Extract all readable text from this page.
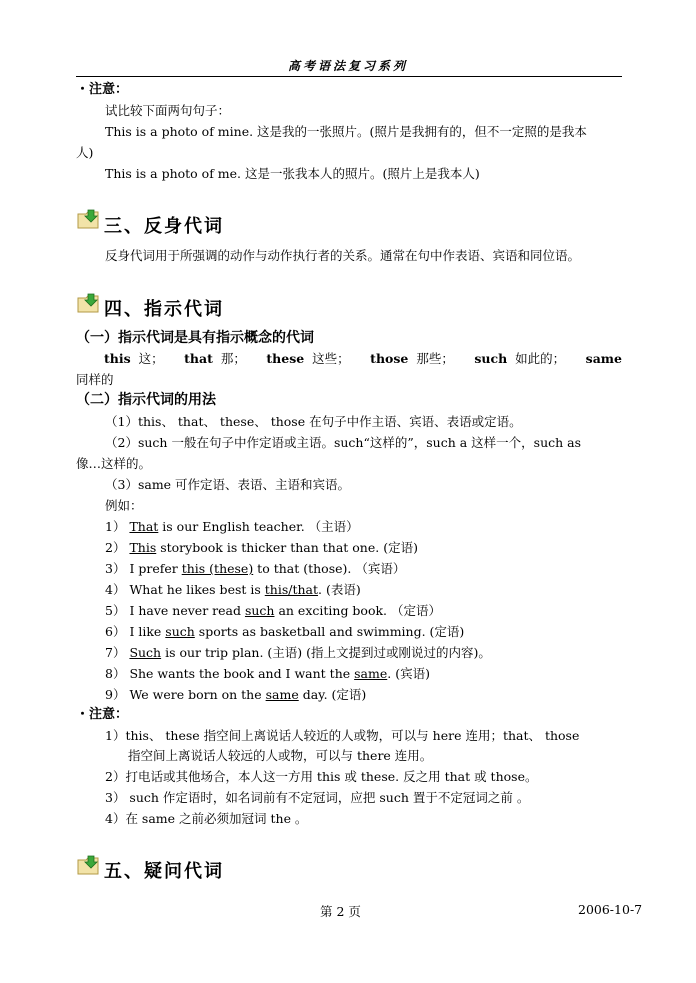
高考语法复习系列
・注意：
试比较下面两句句子：
This is a photo of mine. 这是我的一张照片。(照片是我拥有的，但不一定照的是我本
人)
This is a photo of me. 这是一张我本人的照片。(照片上是我本人)
三、反身代词
反身代词用于所强调的动作与动作执行者的关系。通常在句中作表语、宾语和同位语。
四、指示代词
（一）指示代词是具有指示概念的代词
this 这； that 那； these 这些； those 那些； such 如此的； same
同样的
（二）指示代词的用法
（1）this、 that、 these、 those 在句子中作主语、宾语、表语或定语。
（2）such 一般在句子中作定语或主语。such“这样的”，such a 这样一个，such as
像…这样的。
（3）same 可作定语、表语、主语和宾语。
例如：
1） That is our English teacher. （主语）
2） This storybook is thicker than that one. (定语)
3） I prefer this (these) to that (those). （宾语）
4） What he likes best is this/that. (表语)
5） I have never read such an exciting book. （定语）
6） I like such sports as basketball and swimming. (定语)
7） Such is our trip plan. (主语) (指上文提到过或刚说过的内容)。
8） She wants the book and I want the same. (宾语)
9） We were born on the same day. (定语)
・注意：
1）this、 these 指空间上离说话人较近的人或物，可以与 here 连用；that、 those
指空间上离说话人较远的人或物，可以与 there 连用。
2）打电话或其他场合，本人这一方用 this 或 these. 反之用 that 或 those。
3） such 作定语时，如名词前有不定冠词，应把 such 置于不定冠词之前 。
4）在 same 之前必须加冠词 the 。
五、疑问代词
第 2 页	2006-10-7
